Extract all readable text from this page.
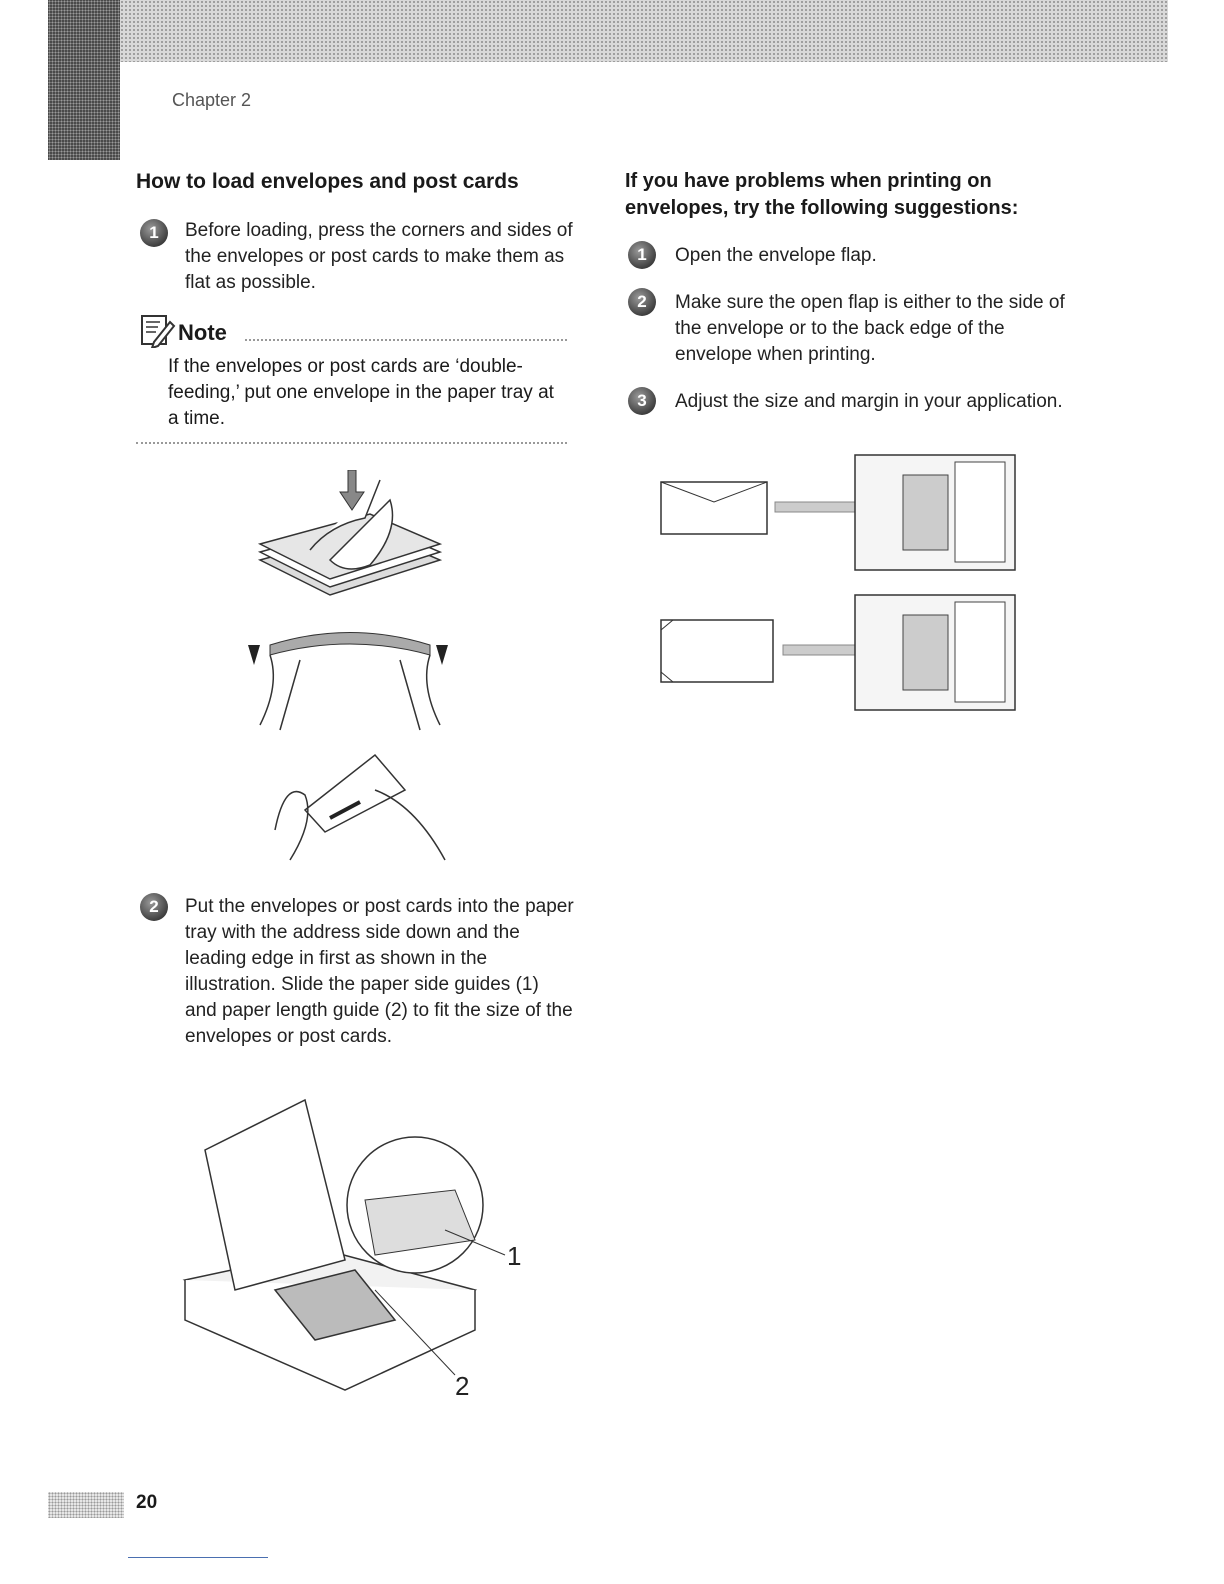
Chapter 2
How to load envelopes and post cards
1	Before loading, press the corners and sides of the envelopes or post cards to make them as flat as possible.
Note
If the envelopes or post cards are ‘double-feeding,’ put one envelope in the paper tray at a time.
2	Put the envelopes or post cards into the paper tray with the address side down and the leading edge in first as shown in the illustration. Slide the paper side guides (1) and paper length guide (2) to fit the size of the envelopes or post cards.
1
2
If you have problems when printing on envelopes, try the following suggestions:
1	Open the envelope flap.
2	Make sure the open flap is either to the side of the envelope or to the back edge of the envelope when printing.
3	Adjust the size and margin in your application.
20
